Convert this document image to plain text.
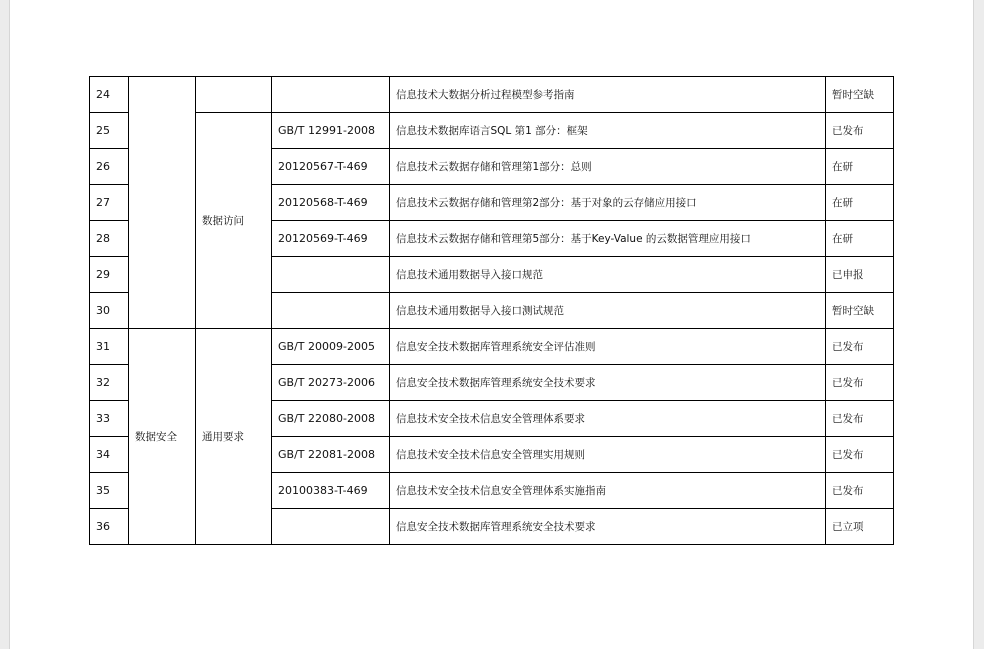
24				信息技术大数据分析过程模型参考指南	暂时空缺
25		数据访问	GB/T 12991-2008	信息技术数据库语言SQL 第1 部分：框架	已发布
26			20120567-T-469	信息技术云数据存储和管理第1部分：总则	在研
27			20120568-T-469	信息技术云数据存储和管理第2部分：基于对象的云存储应用接口	在研
28			20120569-T-469	信息技术云数据存储和管理第5部分：基于Key-Value 的云数据管理应用接口	在研
29				信息技术通用数据导入接口规范	已申报
30				信息技术通用数据导入接口测试规范	暂时空缺
31	数据安全	通用要求	GB/T 20009-2005	信息安全技术数据库管理系统安全评估准则	已发布
32			GB/T 20273-2006	信息安全技术数据库管理系统安全技术要求	已发布
33			GB/T 22080-2008	信息技术安全技术信息安全管理体系要求	已发布
34			GB/T 22081-2008	信息技术安全技术信息安全管理实用规则	已发布
35			20100383-T-469	信息技术安全技术信息安全管理体系实施指南	已发布
36				信息安全技术数据库管理系统安全技术要求	已立项
